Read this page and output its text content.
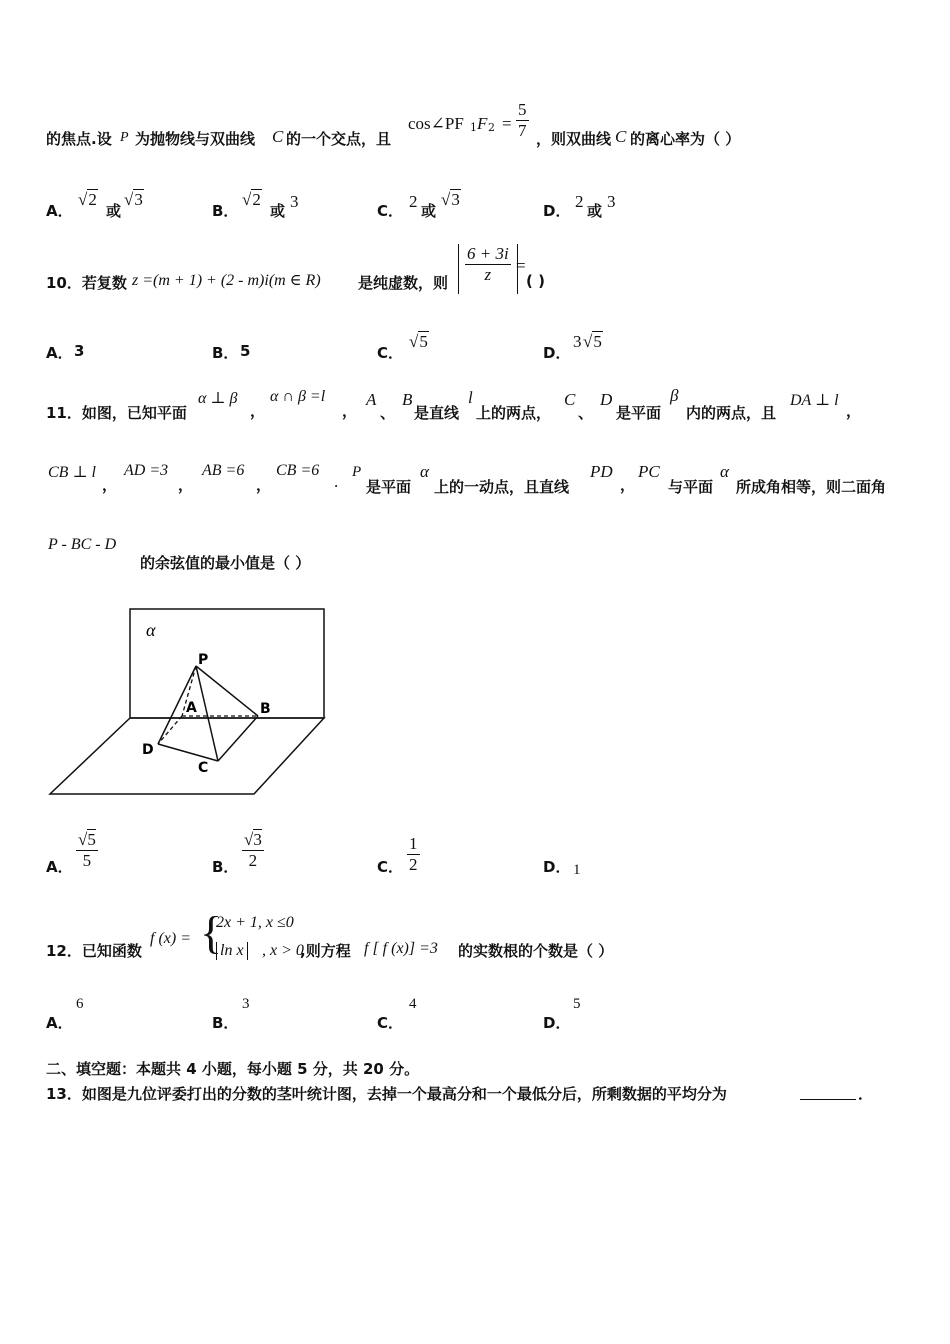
的焦点.设 P 为抛物线与双曲线 C 的一个交点，且
cos∠PF 1 F $2 = \frac{5}{7}$ ，则双曲线 C 的离心率为（ ）
A．
√2
或
√3
B．
√2
或 3	C． 2 或
√3
D． 2 或 3
10．若复数 z =(m + 1) + (2 - m)i(m ∈ R) 是纯虚数，则 $\frac{6 + 3i}{z}$ =
( )
A． 3	B． 5	C．
√5
D．
3 √5
11．如图，已知平面
α ⊥ β
，
α ∩ β =l
，
A
、
B
是直线
l
上的两点，
C
、
D
是平面
β
内的两点，且
DA ⊥ l
，
CB ⊥ l
，
AD =3
，
AB =6
，
CB =6
. P
是平面
α
上的一动点，且直线
PD
，
PC
与平面
α
所成角相等，则二面角
P - BC - D
的余弦值的最小值是（ ）
α
P
A	B
D
C
A． $\frac{√5}{5}$	B． $\frac{√3}{2}$	C． $\frac{1}{2}$	D． 1
12．已知函数
f (x) = {
2x + 1, x ≤0
ln x , x > 0
,则方程 f [ f (x)] =3 的实数根的个数是（ ）
A．
6
B．
3
C．
4
D．
5
二、填空题：本题共 4 小题，每小题 5 分，共 20 分。
13．如图是九位评委打出的分数的茎叶统计图，去掉一个最高分和一个最低分后，所剩数据的平均分为	．
